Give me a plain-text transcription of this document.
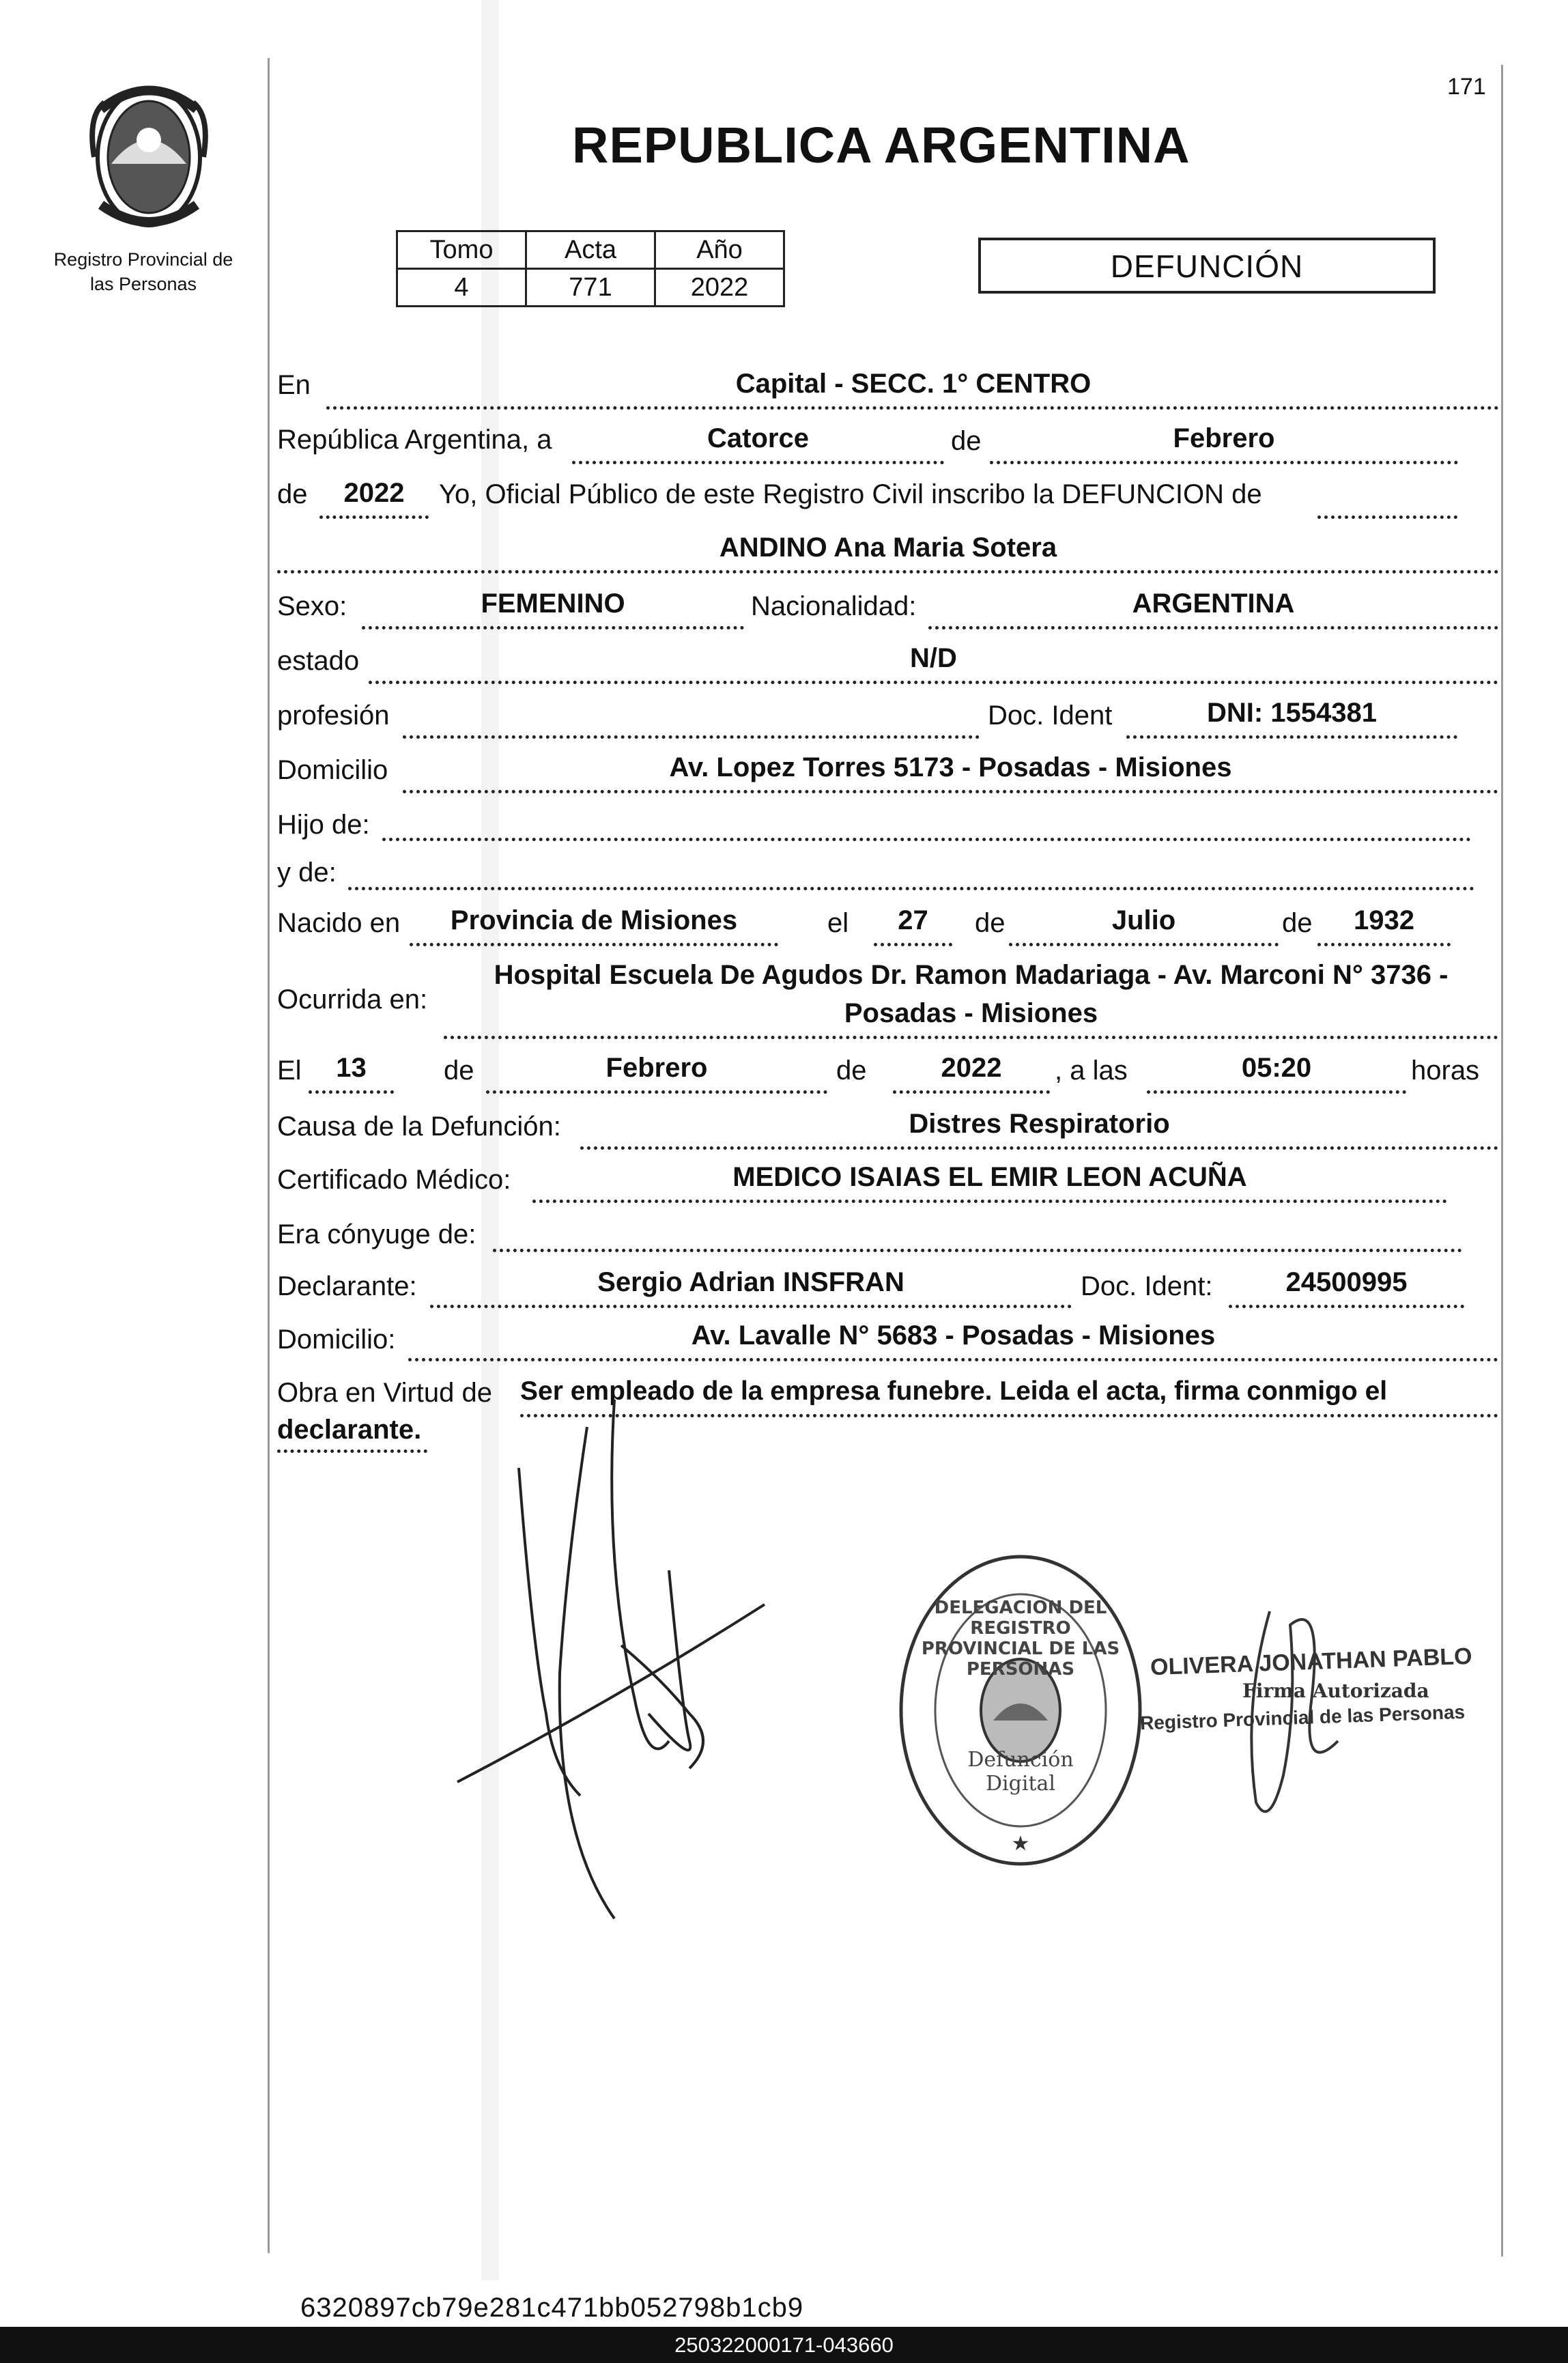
Registro Provincial de
las Personas
171
REPUBLICA ARGENTINA
Tomo	Acta	Año
4	771	2022
DEFUNCIÓN
En	Capital - SECC. 1° CENTRO
República Argentina, a	Catorce	de	Febrero
de	2022	Yo, Oficial Público de este Registro Civil inscribo la DEFUNCION de
ANDINO Ana Maria Sotera
Sexo:	FEMENINO	Nacionalidad:	ARGENTINA
estado	N/D
profesión	Doc. Ident	DNI: 1554381
Domicilio	Av. Lopez Torres 5173 - Posadas - Misiones
Hijo de:
y de:
Nacido en	Provincia de Misiones	el	27	de	Julio	de	1932
Ocurrida en:
Hospital Escuela De Agudos Dr. Ramon Madariaga - Av. Marconi N° 3736 -
Posadas - Misiones
El	13	de	Febrero	de	2022	, a las	05:20	horas
Causa de la Defunción:	Distres Respiratorio
Certificado Médico:	MEDICO ISAIAS EL EMIR LEON ACUÑA
Era cónyuge de:
Declarante:	Sergio Adrian INSFRAN	Doc. Ident:	24500995
Domicilio:	Av. Lavalle N° 5683 - Posadas - Misiones
Obra en Virtud de Ser empleado de la empresa funebre. Leida el acta, firma conmigo el
declarante.
★
DELEGACION DEL REGISTRO PROVINCIAL DE LAS PERSONAS
Defunción Digital
OLIVERA JONATHAN PABLO
Firma Autorizada
Registro Provincial de las Personas
6320897cb79e281c471bb052798b1cb9
250322000171-043660
